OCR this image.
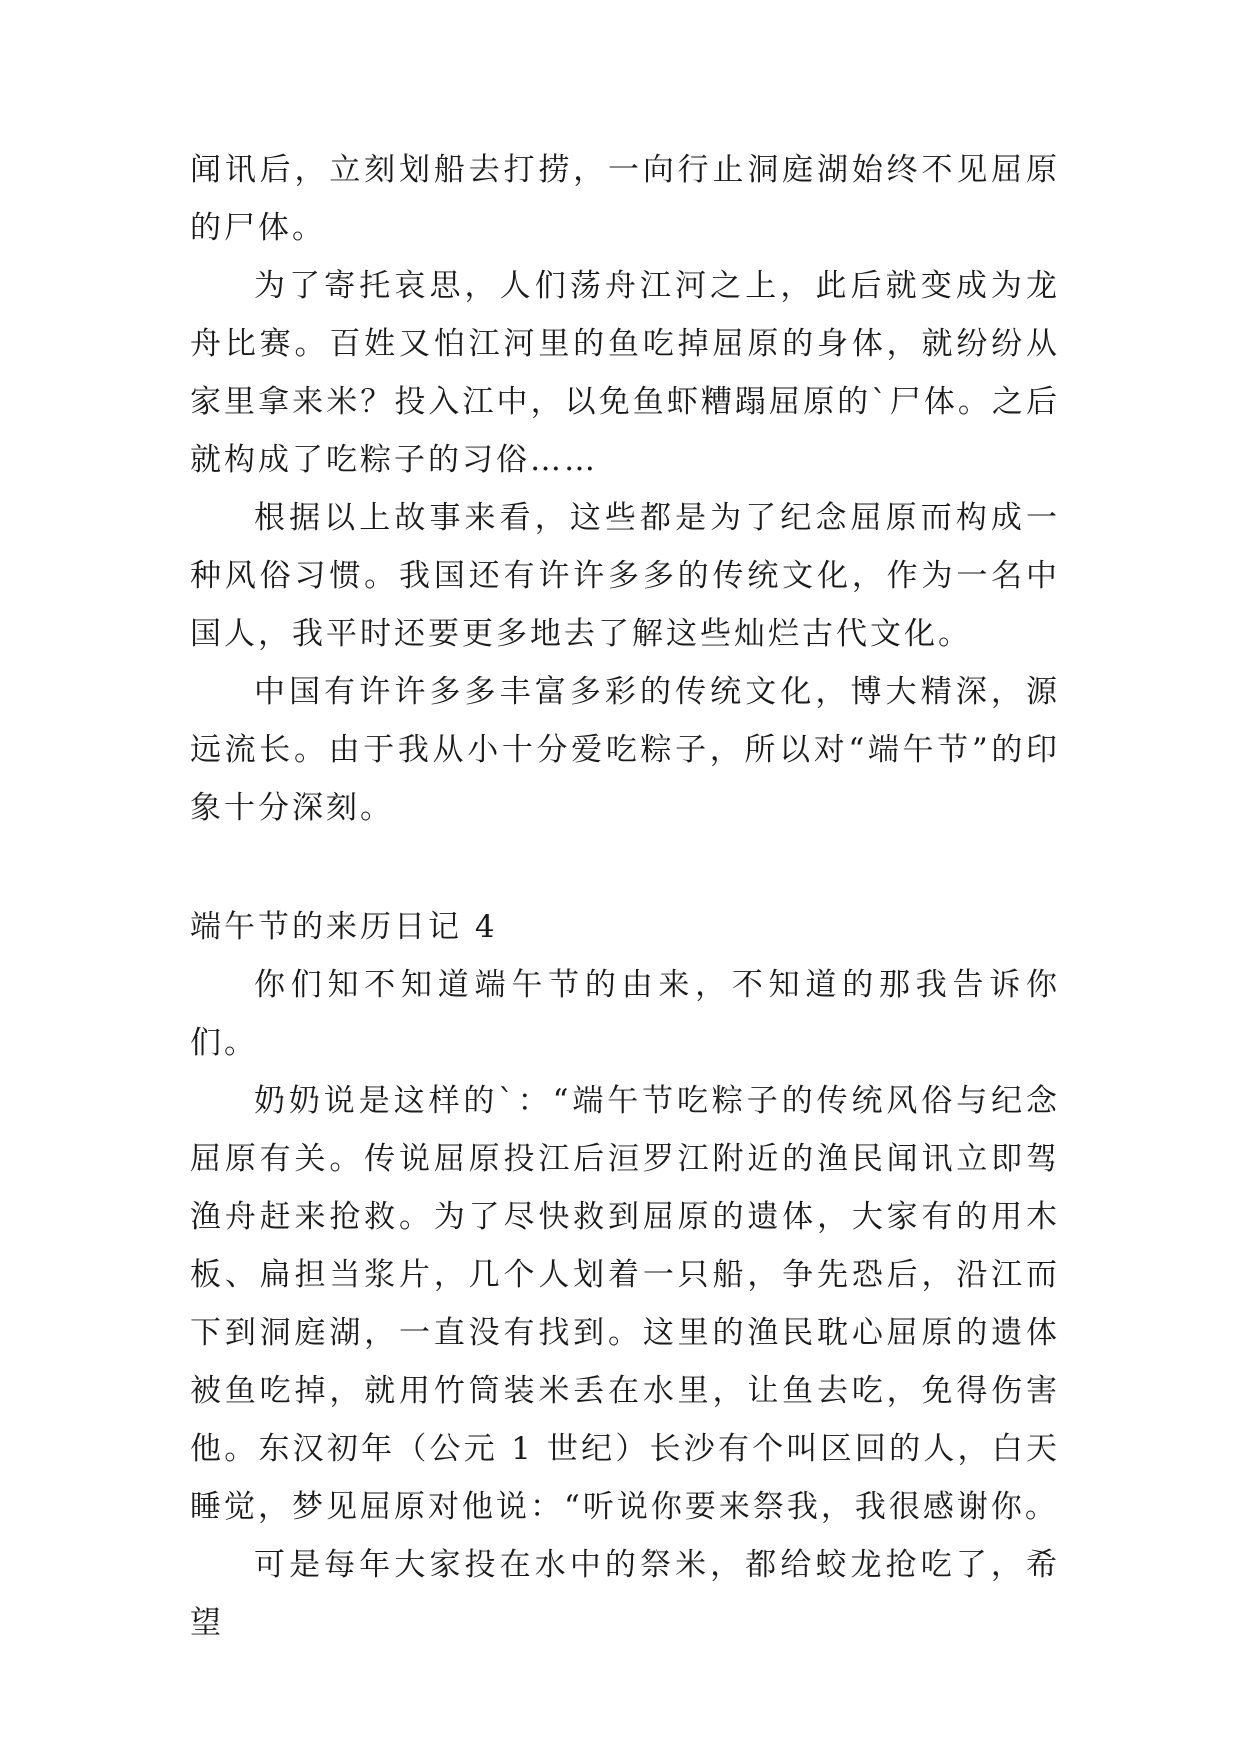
闻讯后，立刻划船去打捞，一向行止洞庭湖始终不见屈原的尸体。

为了寄托哀思，人们荡舟江河之上，此后就变成为龙舟比赛。百姓又怕江河里的鱼吃掉屈原的身体，就纷纷从家里拿来米？投入江中，以免鱼虾糟蹋屈原的`尸体。之后就构成了吃粽子的习俗……

根据以上故事来看，这些都是为了纪念屈原而构成一种风俗习惯。我国还有许许多多的传统文化，作为一名中国人，我平时还要更多地去了解这些灿烂古代文化。

中国有许许多多丰富多彩的传统文化，博大精深，源远流长。由于我从小十分爱吃粽子，所以对“端午节”的印象十分深刻。

端午节的来历日记 4

你们知不知道端午节的由来，不知道的那我告诉你们。

奶奶说是这样的`：“端午节吃粽子的传统风俗与纪念屈原有关。传说屈原投江后洹罗江附近的渔民闻讯立即驾渔舟赶来抢救。为了尽快救到屈原的遗体，大家有的用木板、扁担当浆片，几个人划着一只船，争先恐后，沿江而下到洞庭湖，一直没有找到。这里的渔民耽心屈原的遗体被鱼吃掉，就用竹筒装米丢在水里，让鱼去吃，免得伤害他。东汉初年（公元 1 世纪）长沙有个叫区回的人，白天睡觉，梦见屈原对他说：“听说你要来祭我，我很感谢你。

可是每年大家投在水中的祭米，都给蛟龙抢吃了，希望
